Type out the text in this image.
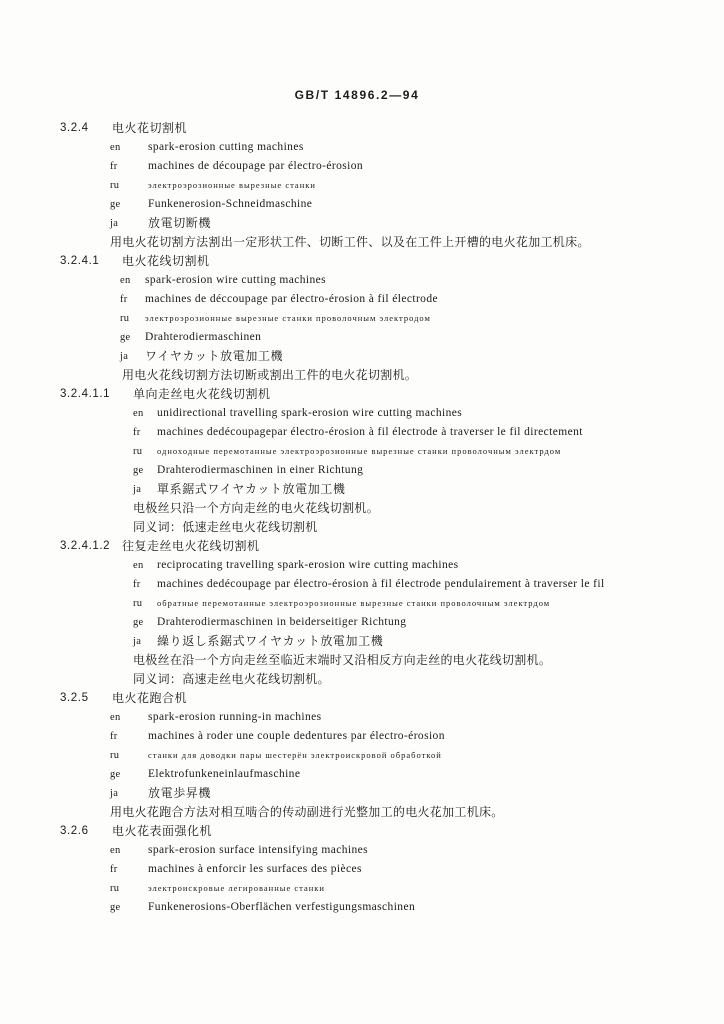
GB/T 14896.2—94
3.2.4 电火花切割机
en spark-erosion cutting machines
fr	machines de découpage par électro-érosion
ru	электроэрозионные вырезные станки
ge Funkenerosion-Schneidmaschine
ja 放電切断機
用电火花切割方法割出一定形状工件、切断工件、以及在工件上开槽的电火花加工机床。
3.2.4.1 电火花线切割机
en spark-erosion wire cutting machines
fr machines de déccoupage par électro-érosion à fil électrode
ru электроэрозионные вырезные станки проволочным электродом
ge Drahterodiermaschinen
ja ワイヤカット放電加工機
用电火花线切割方法切断或割出工件的电火花切割机。
3.2.4.1.1 单向走丝电火花线切割机
en unidirectional travelling spark-erosion wire cutting machines
fr machines dedécoupagepar électro-érosion à fil électrode à traverser le fil directement
ru одноходные перемотанные электроэрозионные вырезные станки проволочным электрдом
ge Drahterodiermaschinen in einer Richtung
ja 單系鋸式ワイヤカット放電加工機
电极丝只沿一个方向走丝的电火花线切割机。
同义词：低速走丝电火花线切割机
3.2.4.1.2 往复走丝电火花线切割机
en reciprocating travelling spark-erosion wire cutting machines
fr machines dedécoupage par électro-érosion à fil électrode pendulairement à traverser le fil
ru обратные перемотанные электроэрозионные вырезные станки проволочным электрдом
ge Drahterodiermaschinen in beiderseitiger Richtung
ja 繰り返し系鋸式ワイヤカット放電加工機
电极丝在沿一个方向走丝至临近末端时又沿相反方向走丝的电火花线切割机。
同义词：高速走丝电火花线切割机。
3.2.5 电火花跑合机
en spark-erosion running-in machines
fr	machines à roder une couple dedentures par électro-érosion
ru	станки для доводки пары шестерён электроискровой обработкой
ge Elektrofunkeneinlaufmaschine
ja 放電歩昇機
用电火花跑合方法对相互啮合的传动副进行光整加工的电火花加工机床。
3.2.6 电火花表面强化机
en spark-erosion surface intensifying machines
fr	machines à enforcir les surfaces des pièces
ru	электроискровые легированные станки
ge Funkenerosions-Oberflächen verfestigungsmaschinen
